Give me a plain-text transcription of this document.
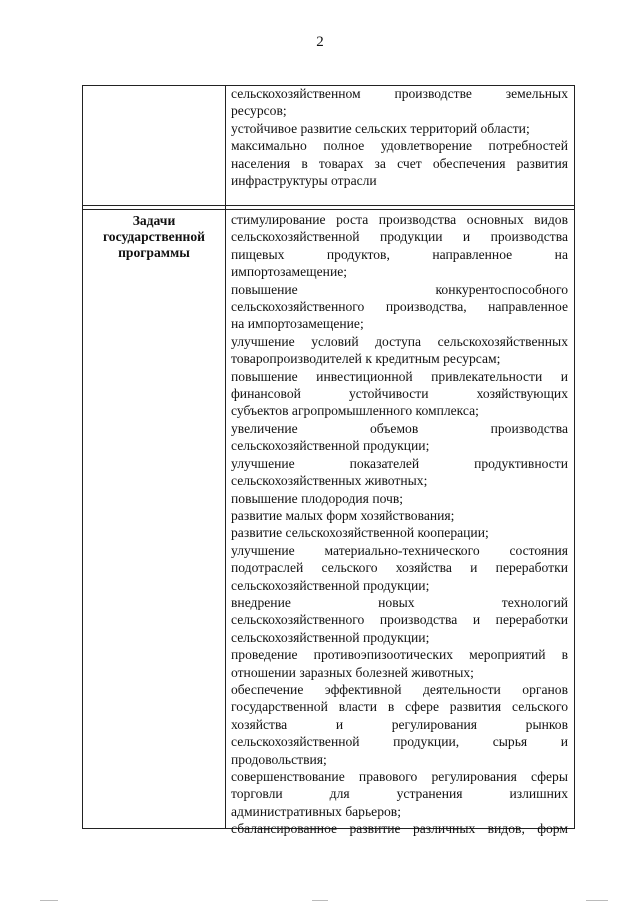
2
сельскохозяйственном производстве земельных
ресурсов;
устойчивое развитие сельских территорий области;
максимально полное удовлетворение потребностей
населения в товарах за счет обеспечения развития
инфраструктуры отрасли
Задачи
государственной
программы
стимулирование роста производства основных видов
сельскохозяйственной продукции и производства
пищевых продуктов, направленное на
импортозамещение;
повышение конкурентоспособного
сельскохозяйственного производства, направленное
на импортозамещение;
улучшение условий доступа сельскохозяйственных
товаропроизводителей к кредитным ресурсам;
повышение инвестиционной привлекательности и
финансовой устойчивости хозяйствующих
субъектов агропромышленного комплекса;
увеличение объемов производства
сельскохозяйственной продукции;
улучшение показателей продуктивности
сельскохозяйственных животных;
повышение плодородия почв;
развитие малых форм хозяйствования;
развитие сельскохозяйственной кооперации;
улучшение материально-технического состояния
подотраслей сельского хозяйства и переработки
сельскохозяйственной продукции;
внедрение новых технологий
сельскохозяйственного производства и переработки
сельскохозяйственной продукции;
проведение противоэпизоотических мероприятий в
отношении заразных болезней животных;
обеспечение эффективной деятельности органов
государственной власти в сфере развития сельского
хозяйства и регулирования рынков
сельскохозяйственной продукции, сырья и
продовольствия;
совершенствование правового регулирования сферы
торговли для устранения излишних
административных барьеров;
сбалансированное развитие различных видов, форм
